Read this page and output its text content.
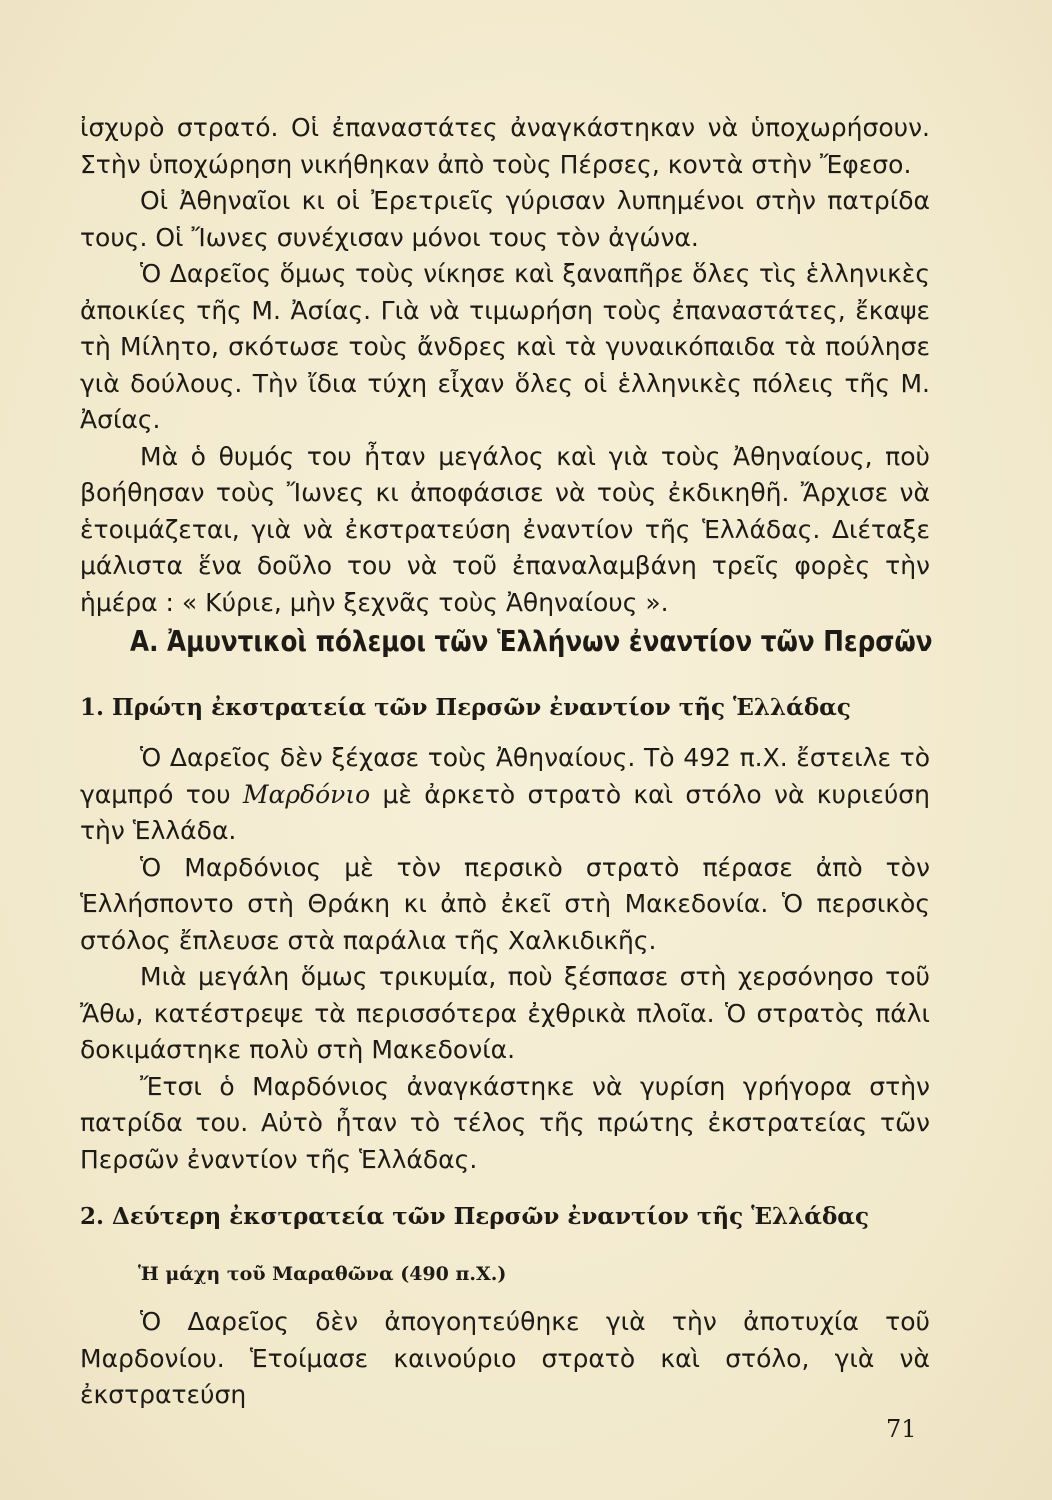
ἰσχυρὸ στρατό. Οἱ ἐπαναστάτες ἀναγκάστηκαν νὰ ὑποχωρήσουν. Στὴν ὑποχώρηση νικήθηκαν ἀπὸ τοὺς Πέρσες, κοντὰ στὴν Ἔφεσο.

Οἱ Ἀθηναῖοι κι οἱ Ἐρετριεῖς γύρισαν λυπημένοι στὴν πατρίδα τους. Οἱ Ἴωνες συνέχισαν μόνοι τους τὸν ἀγώνα.

Ὁ Δαρεῖος ὅμως τοὺς νίκησε καὶ ξαναπῆρε ὅλες τὶς ἑλληνικὲς ἀποικίες τῆς Μ. Ἀσίας. Γιὰ νὰ τιμωρήση τοὺς ἐπαναστάτες, ἔκαψε τὴ Μίλητο, σκότωσε τοὺς ἄνδρες καὶ τὰ γυναικόπαιδα τὰ πούλησε γιὰ δούλους. Τὴν ἴδια τύχη εἶχαν ὅλες οἱ ἑλληνικὲς πόλεις τῆς Μ. Ἀσίας.

Μὰ ὁ θυμός του ἦταν μεγάλος καὶ γιὰ τοὺς Ἀθηναίους, ποὺ βοήθησαν τοὺς Ἴωνες κι ἀποφάσισε νὰ τοὺς ἐκδικηθῆ. Ἄρχισε νὰ ἑτοιμάζεται, γιὰ νὰ ἐκστρατεύση ἐναντίον τῆς Ἑλλάδας. Διέταξε μάλιστα ἕνα δοῦλο του νὰ τοῦ ἐπαναλαμβάνη τρεῖς φορὲς τὴν ἡμέρα : « Κύριε, μὴν ξεχνᾶς τοὺς Ἀθηναίους ».

Α. Ἀμυντικοὶ πόλεμοι τῶν Ἑλλήνων ἐναντίον τῶν Περσῶν
1. Πρώτη ἐκστρατεία τῶν Περσῶν ἐναντίον τῆς Ἑλλάδας

Ὁ Δαρεῖος δὲν ξέχασε τοὺς Ἀθηναίους. Τὸ 492 π.Χ. ἔστειλε τὸ γαμπρό του Μαρδόνιο μὲ ἀρκετὸ στρατὸ καὶ στόλο νὰ κυριεύση τὴν Ἑλλάδα.

Ὁ Μαρδόνιος μὲ τὸν περσικὸ στρατὸ πέρασε ἀπὸ τὸν Ἑλλήσποντο στὴ Θράκη κι ἀπὸ ἐκεῖ στὴ Μακεδονία. Ὁ περσικὸς στόλος ἔπλευσε στὰ παράλια τῆς Χαλκιδικῆς.

Μιὰ μεγάλη ὅμως τρικυμία, ποὺ ξέσπασε στὴ χερσόνησο τοῦ Ἄθω, κατέστρεψε τὰ περισσότερα ἐχθρικὰ πλοῖα. Ὁ στρατὸς πάλι δοκιμάστηκε πολὺ στὴ Μακεδονία.

Ἔτσι ὁ Μαρδόνιος ἀναγκάστηκε νὰ γυρίση γρήγορα στὴν πατρίδα του. Αὐτὸ ἦταν τὸ τέλος τῆς πρώτης ἐκστρατείας τῶν Περσῶν ἐναντίον τῆς Ἑλλάδας.

2. Δεύτερη ἐκστρατεία τῶν Περσῶν ἐναντίον τῆς Ἑλλάδας
Ἡ μάχη τοῦ Μαραθῶνα (490 π.Χ.)

Ὁ Δαρεῖος δὲν ἀπογοητεύθηκε γιὰ τὴν ἀποτυχία τοῦ Μαρδονίου. Ἑτοίμασε καινούριο στρατὸ καὶ στόλο, γιὰ νὰ ἐκστρατεύση

71
